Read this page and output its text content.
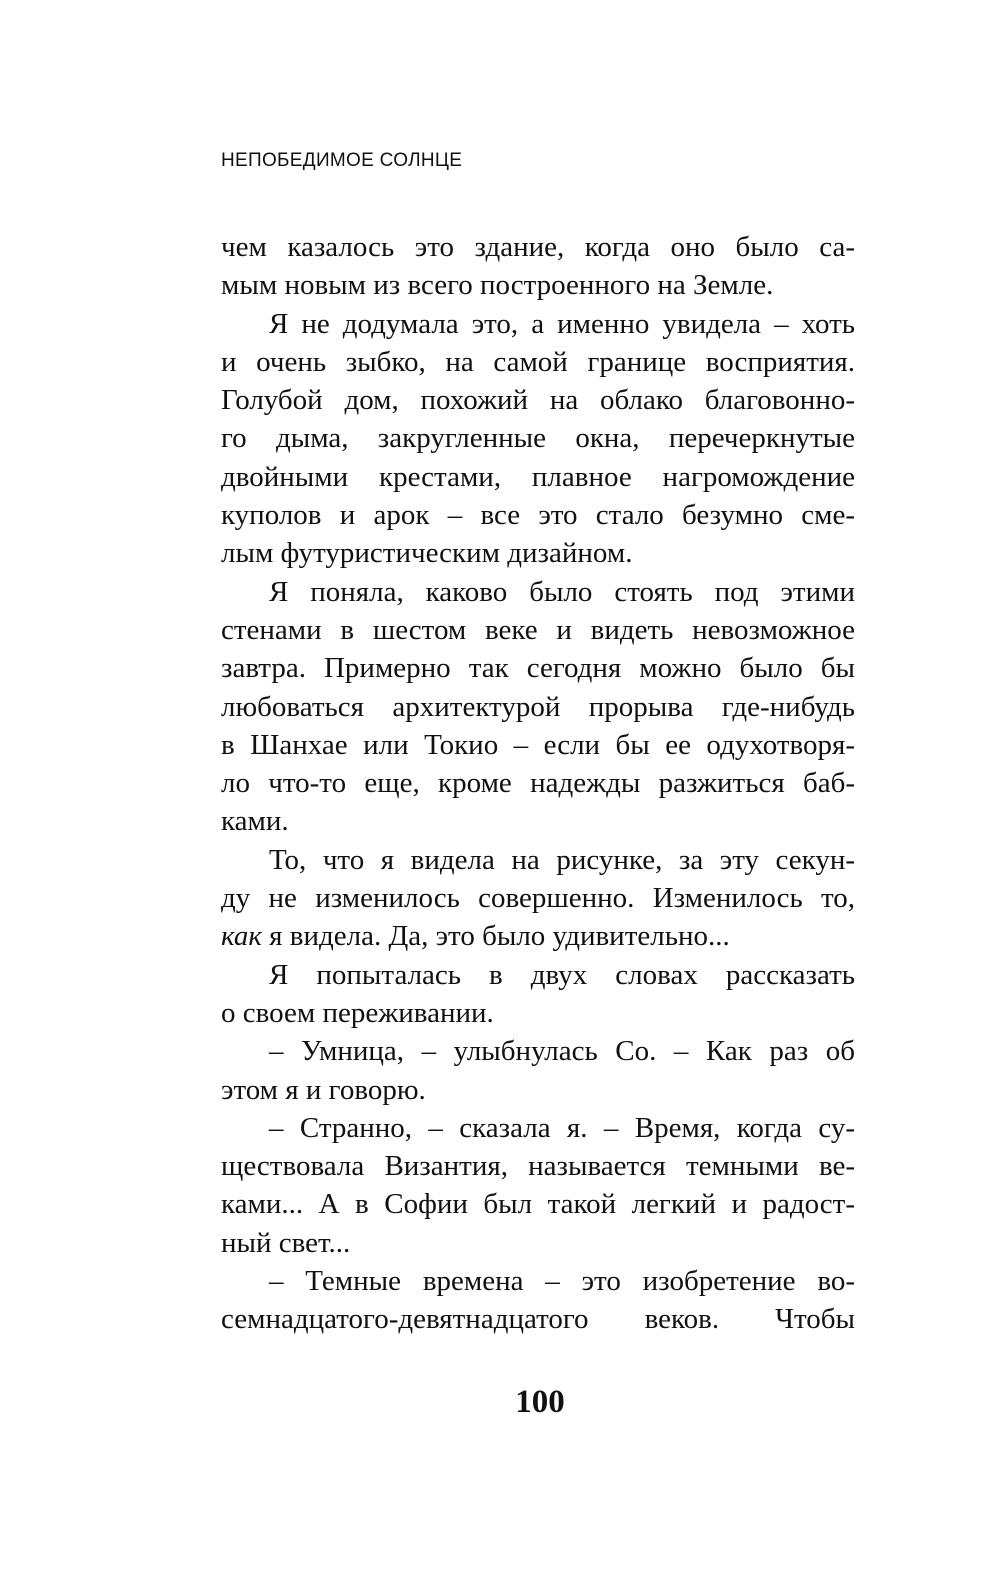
НЕПОБЕДИМОЕ СОЛНЦЕ
чем казалось это здание, когда оно было са-
мым новым из всего построенного на Земле.
Я не додумала это, а именно увидела – хоть
и очень зыбко, на самой границе восприятия.
Голубой дом, похожий на облако благовонно-
го дыма, закругленные окна, перечеркнутые
двойными крестами, плавное нагромождение
куполов и арок – все это стало безумно сме-
лым футуристическим дизайном.
Я поняла, каково было стоять под этими
стенами в шестом веке и видеть невозможное
завтра. Примерно так сегодня можно было бы
любоваться архитектурой прорыва где-нибудь
в Шанхае или Токио – если бы ее одухотворя-
ло что-то еще, кроме надежды разжиться баб-
ками.
То, что я видела на рисунке, за эту секун-
ду не изменилось совершенно. Изменилось то,
как я видела. Да, это было удивительно...
Я попыталась в двух словах рассказать
о своем переживании.
– Умница, – улыбнулась Со. – Как раз об
этом я и говорю.
– Странно, – сказала я. – Время, когда су-
ществовала Византия, называется темными ве-
ками... А в Софии был такой легкий и радост-
ный свет...
– Темные времена – это изобретение во-
семнадцатого-девятнадцатого веков. Чтобы
100
